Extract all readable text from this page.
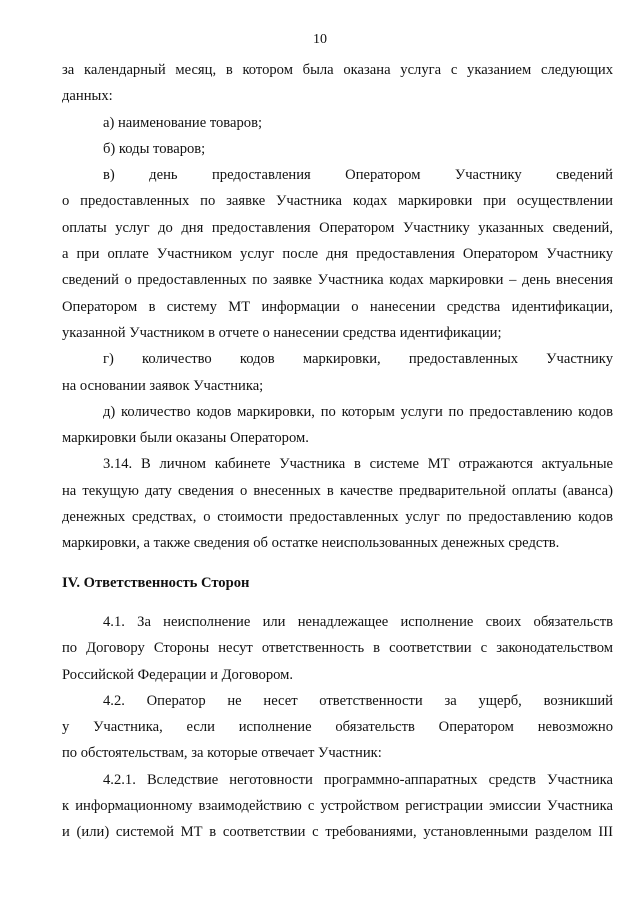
10
за календарный месяц, в котором была оказана услуга с указанием следующих
данных:
а) наименование товаров;
б) коды товаров;
в) день предоставления Оператором Участнику сведений
о предоставленных по заявке Участника кодах маркировки при осуществлении
оплаты услуг до дня предоставления Оператором Участнику указанных сведений,
а при оплате Участником услуг после дня предоставления Оператором Участнику
сведений о предоставленных по заявке Участника кодах маркировки – день внесения
Оператором в систему МТ информации о нанесении средства идентификации,
указанной Участником в отчете о нанесении средства идентификации;
г) количество кодов маркировки, предоставленных Участнику
на основании заявок Участника;
д) количество кодов маркировки, по которым услуги по предоставлению кодов
маркировки были оказаны Оператором.
3.14. В личном кабинете Участника в системе МТ отражаются актуальные
на текущую дату сведения о внесенных в качестве предварительной оплаты (аванса)
денежных средствах, о стоимости предоставленных услуг по предоставлению кодов
маркировки, а также сведения об остатке неиспользованных денежных средств.
IV. Ответственность Сторон
4.1. За неисполнение или ненадлежащее исполнение своих обязательств
по Договору Стороны несут ответственность в соответствии с законодательством
Российской Федерации и Договором.
4.2. Оператор не несет ответственности за ущерб, возникший
у Участника, если исполнение обязательств Оператором невозможно
по обстоятельствам, за которые отвечает Участник:
4.2.1. Вследствие неготовности программно-аппаратных средств Участника
к информационному взаимодействию с устройством регистрации эмиссии Участника
и (или) системой МТ в соответствии с требованиями, установленными разделом III
